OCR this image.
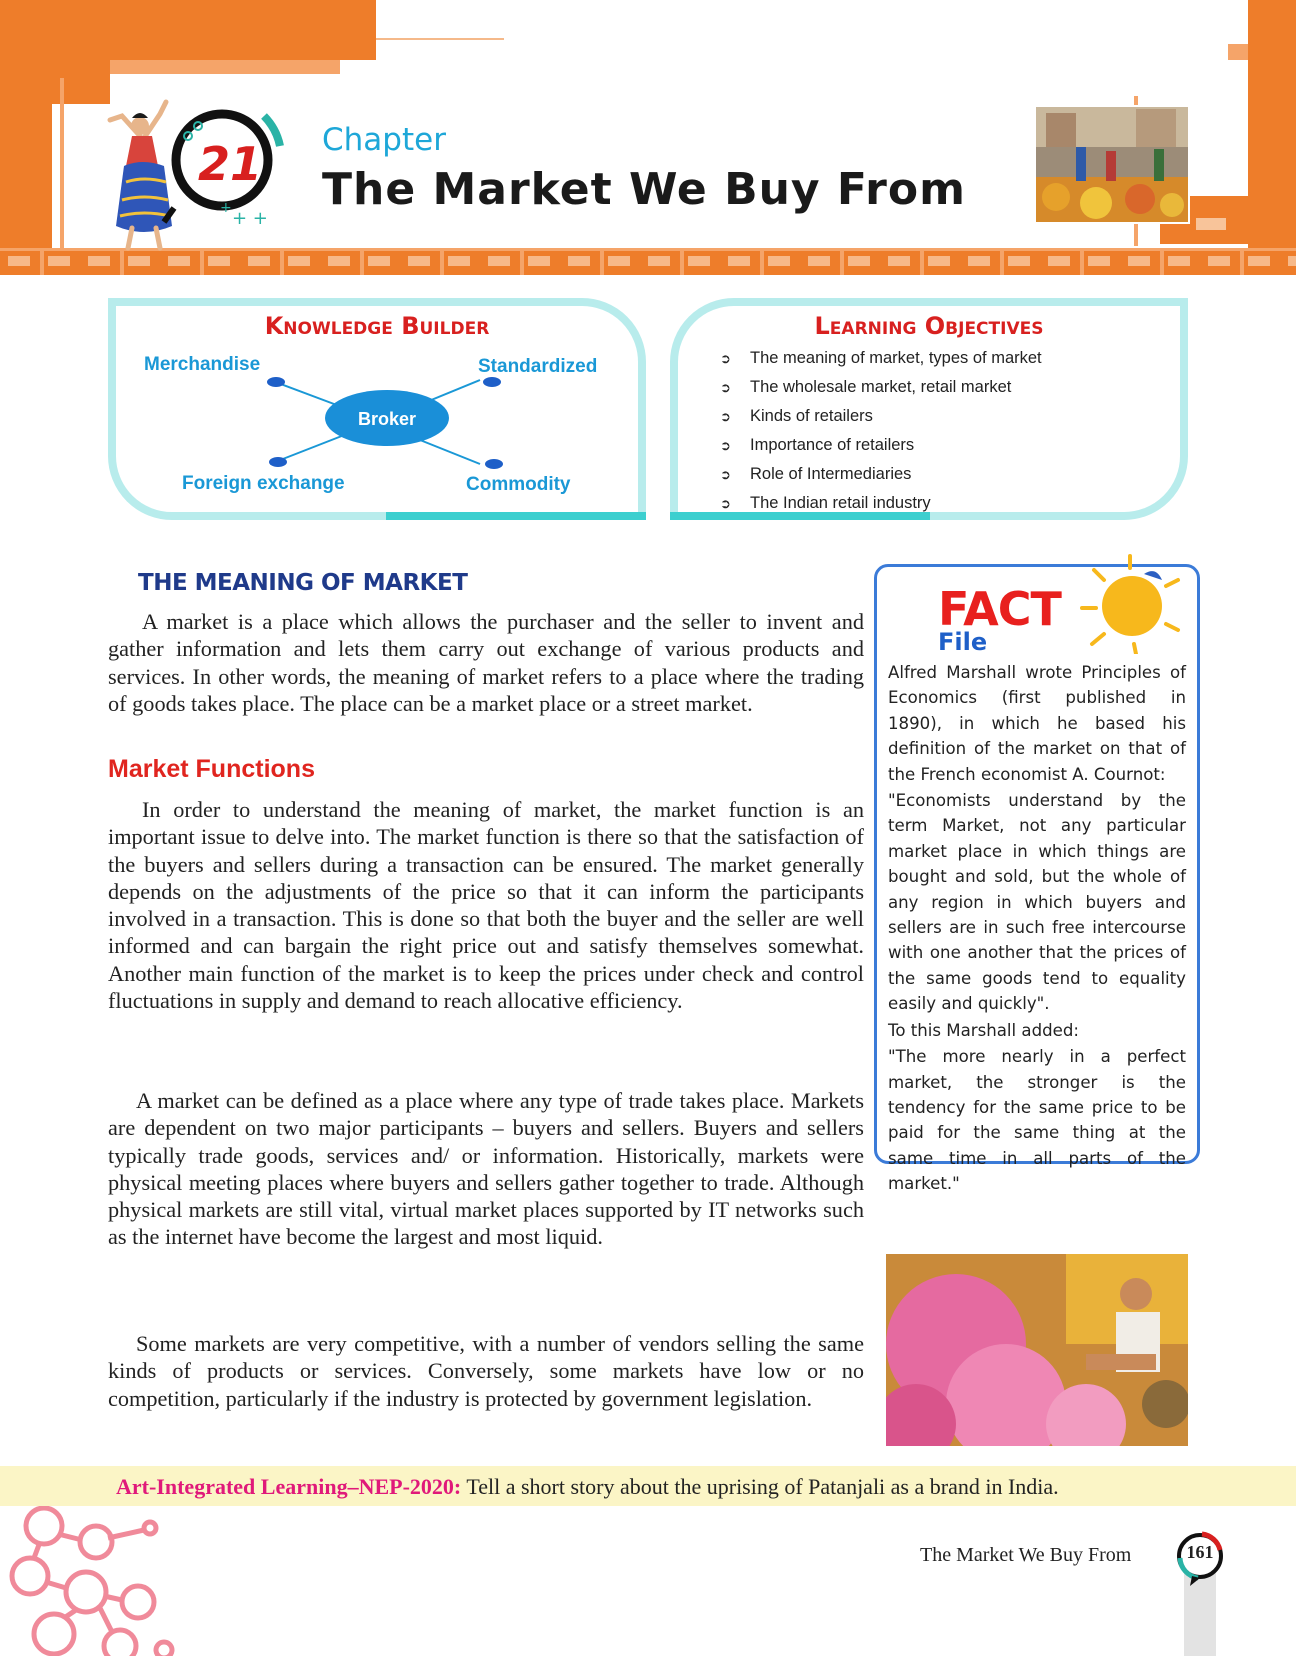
21
+ +
+
Chapter
The Market We Buy From
Knowledge Builder
Broker
Merchandise	Standardized
Foreign exchange	Commodity
Learning Objectives
➲ The meaning of market, types of market
➲ The wholesale market, retail market
➲ Kinds of retailers
➲ Importance of retailers
➲ Role of Intermediaries
➲ The Indian retail industry
THE MEANING OF MARKET

A market is a place which allows the purchaser and the seller to invent and gather information and lets them carry out exchange of various products and services. In other words, the meaning of market refers to a place where the trading of goods takes place. The place can be a market place or a street market.

Market Functions

In order to understand the meaning of market, the market function is an important issue to delve into. The market function is there so that the satisfaction of the buyers and sellers during a transaction can be ensured. The market generally depends on the adjustments of the price so that it can inform the participants involved in a transaction. This is done so that both the buyer and the seller are well informed and can bargain the right price out and satisfy themselves somewhat. Another main function of the market is to keep the prices under check and control fluctuations in supply and demand to reach allocative efficiency.

A market can be defined as a place where any type of trade takes place. Markets are dependent on two major participants – buyers and sellers. Buyers and sellers typically trade goods, services and/ or information. Historically, markets were physical meeting places where buyers and sellers gather together to trade. Although physical markets are still vital, virtual market places supported by IT networks such as the internet have become the largest and most liquid.

Some markets are very competitive, with a number of vendors selling the same kinds of products or services. Conversely, some markets have low or no competition, particularly if the industry is protected by government legislation.

FACT
File

Alfred Marshall wrote Principles of Economics (first published in 1890), in which he based his definition of the market on that of the French economist A. Cournot:

"Economists understand by the term Market, not any particular market place in which things are bought and sold, but the whole of any region in which buyers and sellers are in such free intercourse with one another that the prices of the same goods tend to equality easily and quickly".

To this Marshall added:

"The more nearly in a perfect market, the stronger is the tendency for the same price to be paid for the same thing at the same time in all parts of the market."

Art-Integrated Learning–NEP-2020: Tell a short story about the uprising of Patanjali as a brand in India.
The Market We Buy From	161
